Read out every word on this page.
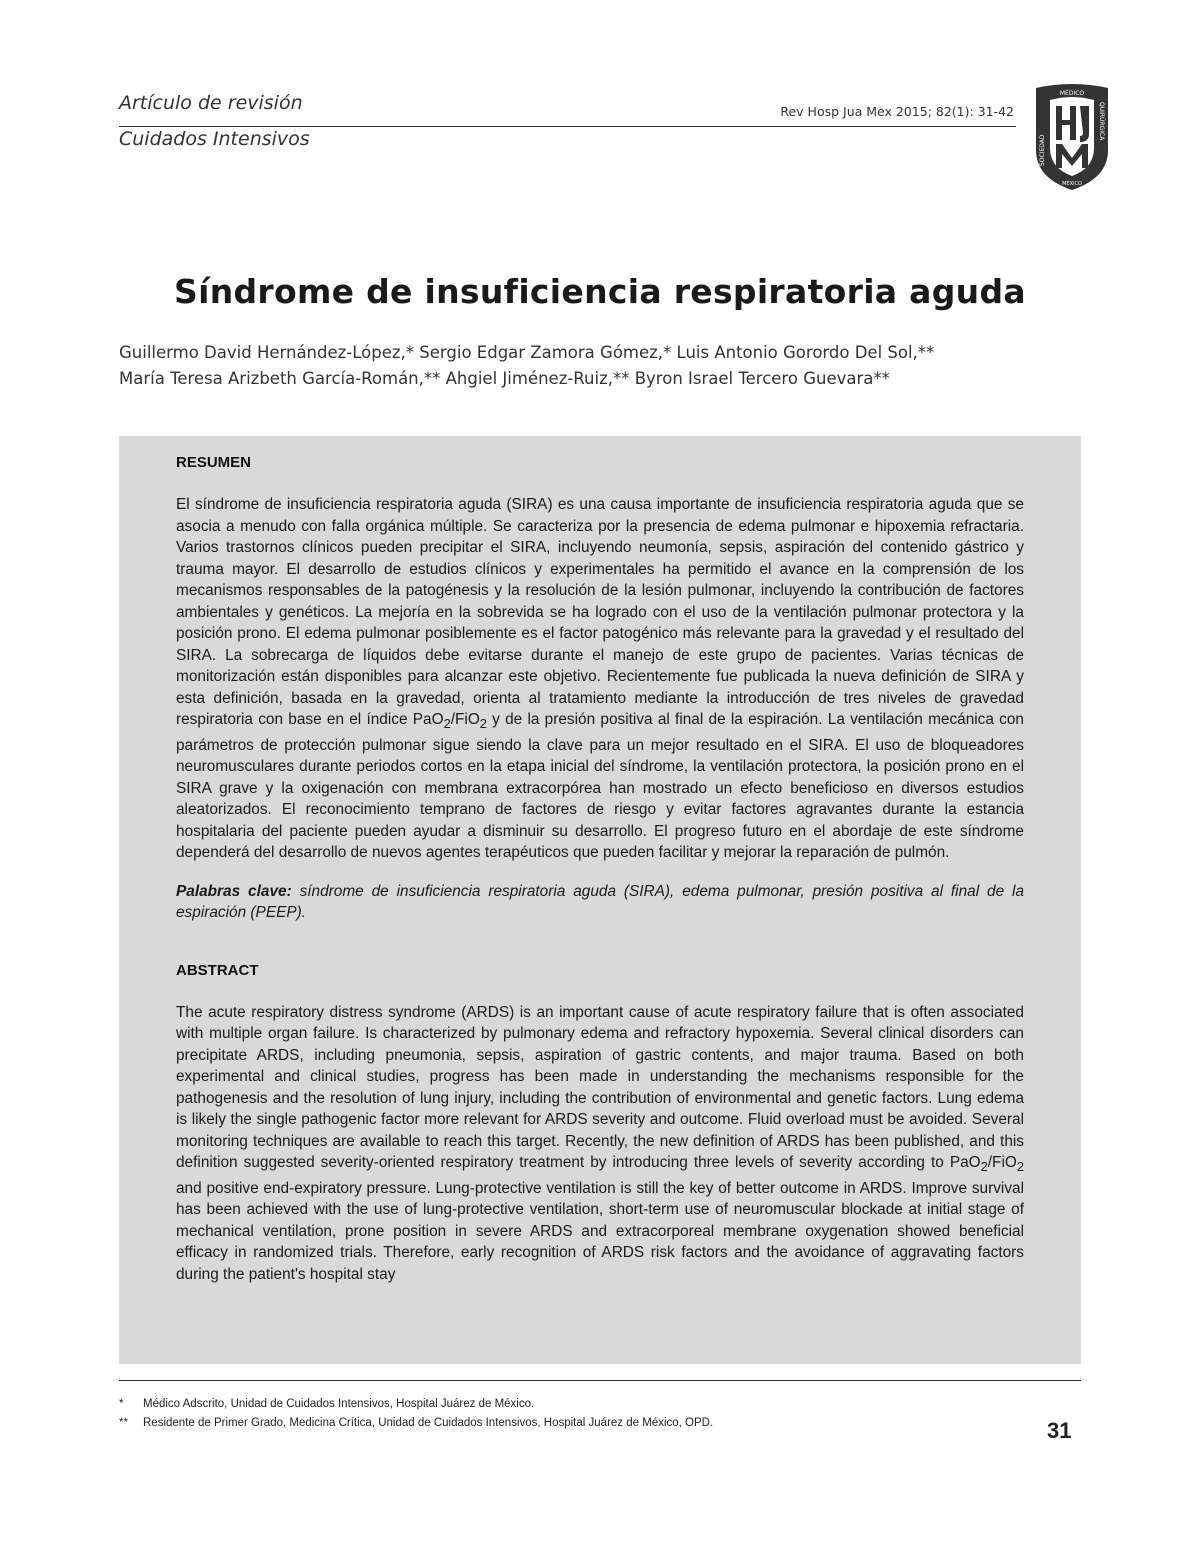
Artículo de revisión	Rev Hosp Jua Mex 2015; 82(1): 31-42
Cuidados Intensivos
MÉDICO
SOCIEDAD
QUIRÚRGICA
MÉXICO
Síndrome de insuficiencia respiratoria aguda
Guillermo David Hernández-López,* Sergio Edgar Zamora Gómez,* Luis Antonio Gorordo Del Sol,**
María Teresa Arizbeth García-Román,** Ahgiel Jiménez-Ruiz,** Byron Israel Tercero Guevara**
RESUMEN

El síndrome de insuficiencia respiratoria aguda (SIRA) es una causa importante de insuficiencia respiratoria aguda que se asocia a menudo con falla orgánica múltiple. Se caracteriza por la presencia de edema pulmonar e hipoxemia refractaria. Varios trastornos clínicos pueden precipitar el SIRA, incluyendo neumonía, sepsis, aspiración del contenido gástrico y trauma mayor. El desarrollo de estudios clínicos y experimentales ha permitido el avance en la comprensión de los mecanismos responsables de la patogénesis y la resolución de la lesión pulmonar, incluyendo la contribución de factores ambientales y genéticos. La mejoría en la sobrevida se ha logrado con el uso de la ventilación pulmonar protectora y la posición prono. El edema pulmonar posiblemente es el factor patogénico más relevante para la gravedad y el resultado del SIRA. La sobrecarga de líquidos debe evitarse durante el manejo de este grupo de pacientes. Varias técnicas de monitorización están disponibles para alcanzar este objetivo. Recientemente fue publicada la nueva definición de SIRA y esta definición, basada en la gravedad, orienta al tratamiento mediante la introducción de tres niveles de gravedad respiratoria con base en el índice PaO$_2$/FiO$_2$ y de la presión positiva al final de la espiración. La ventilación mecánica con parámetros de protección pulmonar sigue siendo la clave para un mejor resultado en el SIRA. El uso de bloqueadores neuromusculares durante periodos cortos en la etapa inicial del síndrome, la ventilación protectora, la posición prono en el SIRA grave y la oxigenación con membrana extracorpórea han mostrado un efecto beneficioso en diversos estudios aleatorizados. El reconocimiento temprano de factores de riesgo y evitar factores agravantes durante la estancia hospitalaria del paciente pueden ayudar a disminuir su desarrollo. El progreso futuro en el abordaje de este síndrome dependerá del desarrollo de nuevos agentes terapéuticos que pueden facilitar y mejorar la reparación de pulmón.

Palabras clave: síndrome de insuficiencia respiratoria aguda (SIRA), edema pulmonar, presión positiva al final de la espiración (PEEP).

ABSTRACT

The acute respiratory distress syndrome (ARDS) is an important cause of acute respiratory failure that is often associated with multiple organ failure. Is characterized by pulmonary edema and refractory hypoxemia. Several clinical disorders can precipitate ARDS, including pneumonia, sepsis, aspiration of gastric contents, and major trauma. Based on both experimental and clinical studies, progress has been made in understanding the mechanisms responsible for the pathogenesis and the resolution of lung injury, including the contribution of environmental and genetic factors. Lung edema is likely the single pathogenic factor more relevant for ARDS severity and outcome. Fluid overload must be avoided. Several monitoring techniques are available to reach this target. Recently, the new definition of ARDS has been published, and this definition suggested severity-oriented respiratory treatment by introducing three levels of severity according to PaO$_2$/FiO$_2$ and positive end-expiratory pressure. Lung-protective ventilation is still the key of better outcome in ARDS. Improve survival has been achieved with the use of lung-protective ventilation, short-term use of neuromuscular blockade at initial stage of mechanical ventilation, prone position in severe ARDS and extracorporeal membrane oxygenation showed beneficial efficacy in randomized trials. Therefore, early recognition of ARDS risk factors and the avoidance of aggravating factors during the patient's hospital stay

*	Médico Adscrito, Unidad de Cuidados Intensivos, Hospital Juárez de México.
**	Residente de Primer Grado, Medicina Crítica, Unidad de Cuidados Intensivos, Hospital Juárez de México, OPD.	31
